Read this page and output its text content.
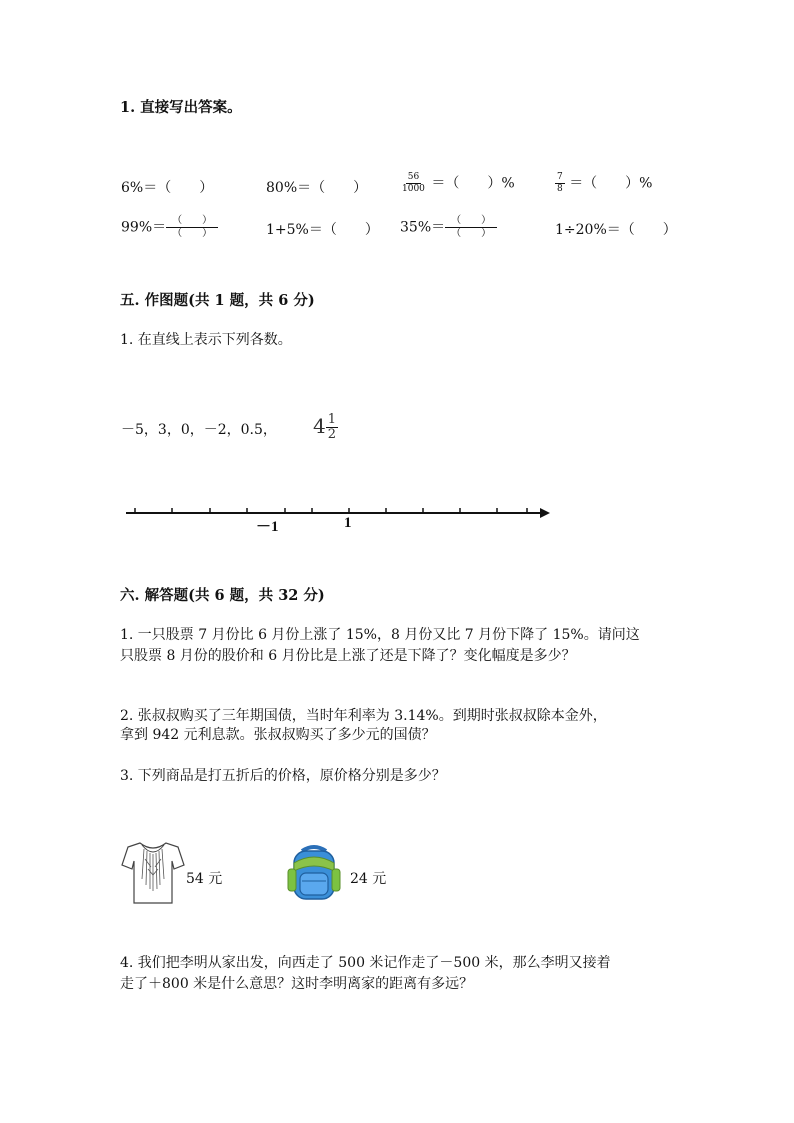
1. 直接写出答案。
6%＝（　　）	80%＝（　　）	$\frac{56}{1000}$ ＝（　　）%	$\frac{7}{8}$ ＝（　　）%
$99\%= \frac{( )}{( )}$	1+5%＝（　　） $35\%= \frac{( )}{( )}$	1÷20%＝（　　）
五. 作图题(共 1 题，共 6 分)
1. 在直线上表示下列各数。
－5，3，0，－2，0.5， $4 \frac{1}{2}$
－1	1
六. 解答题(共 6 题，共 32 分)
1. 一只股票 7 月份比 6 月份上涨了 15%，8 月份又比 7 月份下降了 15%。请问这
只股票 8 月份的股价和 6 月份比是上涨了还是下降了？变化幅度是多少？
2. 张叔叔购买了三年期国债，当时年利率为 3.14%。到期时张叔叔除本金外，
拿到 942 元利息款。张叔叔购买了多少元的国债？
3. 下列商品是打五折后的价格，原价格分别是多少？
54 元	24 元
4. 我们把李明从家出发，向西走了 500 米记作走了－500 米，那么李明又接着
走了＋800 米是什么意思？这时李明离家的距离有多远？
